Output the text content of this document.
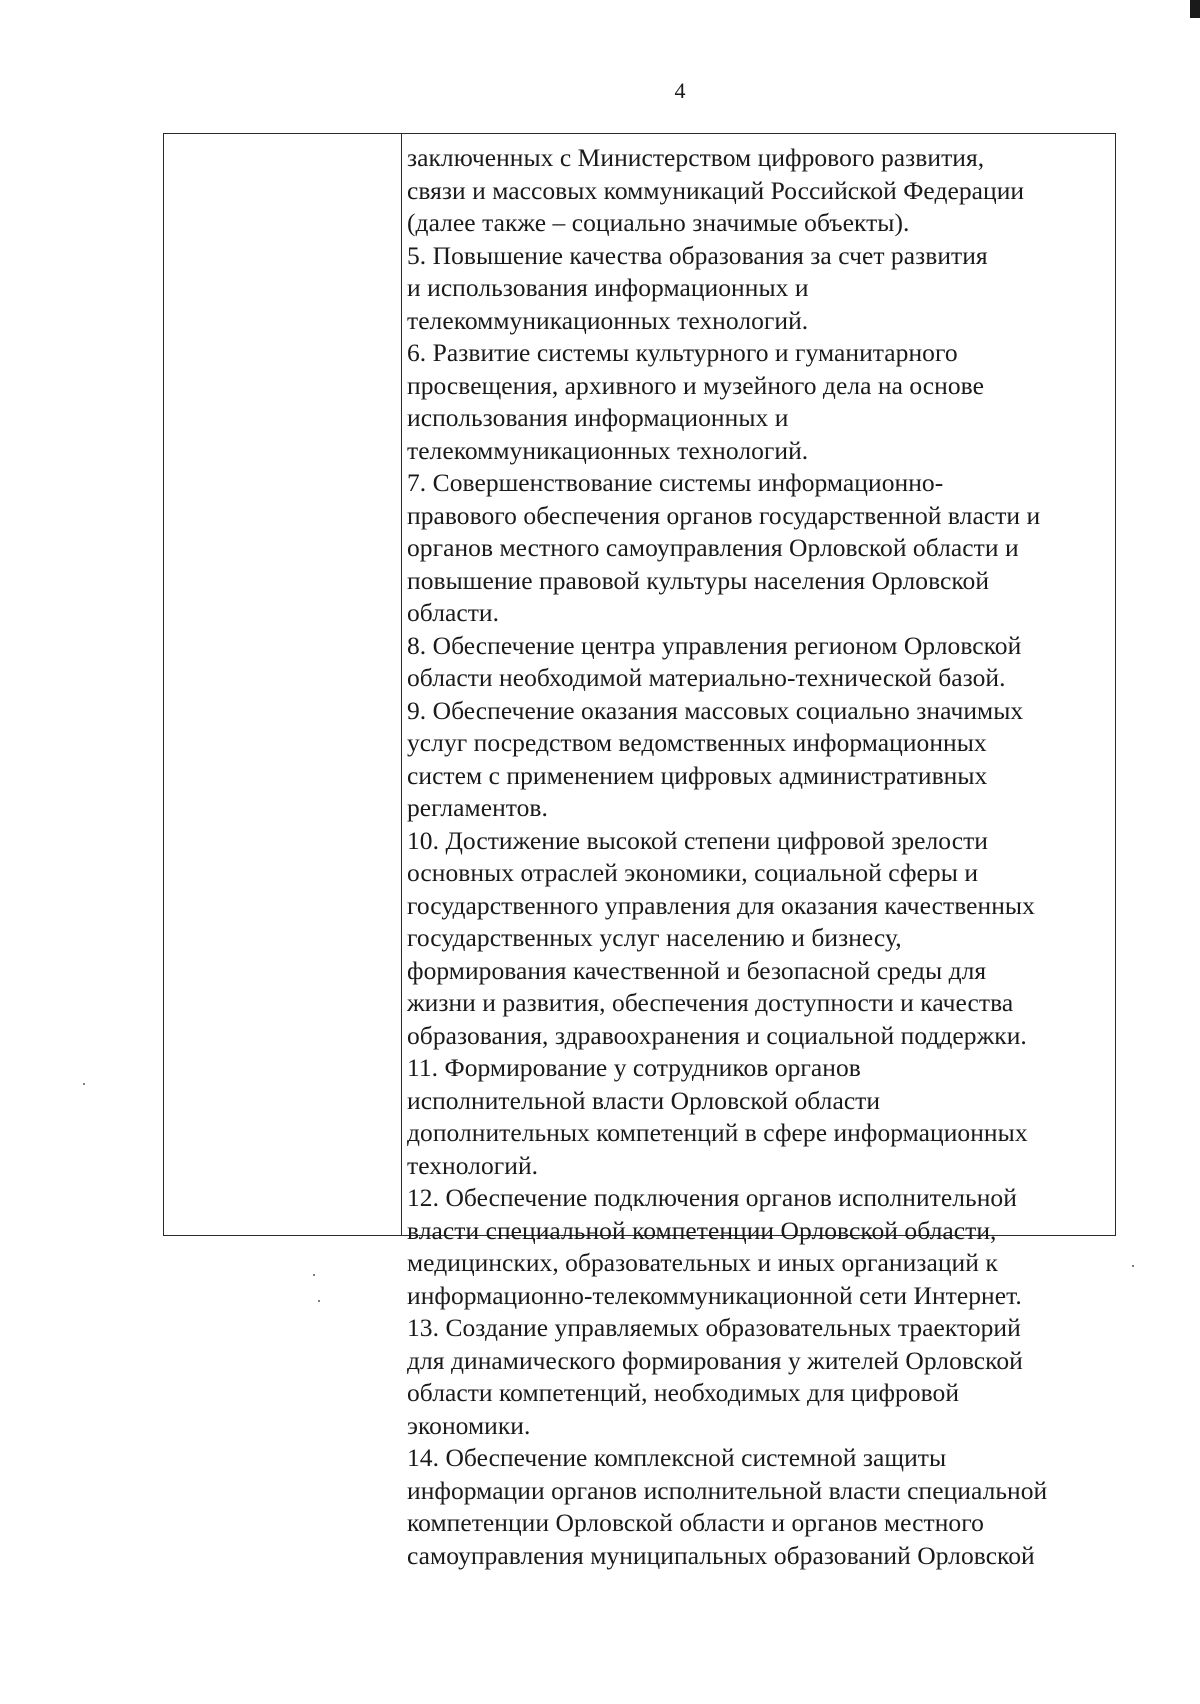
4
заключенных с Министерством цифрового развития,
связи и массовых коммуникаций Российской Федерации
(далее также – социально значимые объекты).
5. Повышение качества образования за счет развития
и использования информационных и
телекоммуникационных технологий.
6. Развитие системы культурного и гуманитарного
просвещения, архивного и музейного дела на основе
использования информационных и
телекоммуникационных технологий.
7. Совершенствование системы информационно-
правового обеспечения органов государственной власти и
органов местного самоуправления Орловской области и
повышение правовой культуры населения Орловской
области.
8. Обеспечение центра управления регионом Орловской
области необходимой материально-технической базой.
9. Обеспечение оказания массовых социально значимых
услуг посредством ведомственных информационных
систем с применением цифровых административных
регламентов.
10. Достижение высокой степени цифровой зрелости
основных отраслей экономики, социальной сферы и
государственного управления для оказания качественных
государственных услуг населению и бизнесу,
формирования качественной и безопасной среды для
жизни и развития, обеспечения доступности и качества
образования, здравоохранения и социальной поддержки.
11. Формирование у сотрудников органов
исполнительной власти Орловской области
дополнительных компетенций в сфере информационных
технологий.
12. Обеспечение подключения органов исполнительной
власти специальной компетенции Орловской области,
медицинских, образовательных и иных организаций к
информационно-телекоммуникационной сети Интернет.
13. Создание управляемых образовательных траекторий
для динамического формирования у жителей Орловской
области компетенций, необходимых для цифровой
экономики.
14. Обеспечение комплексной системной защиты
информации органов исполнительной власти специальной
компетенции Орловской области и органов местного
самоуправления муниципальных образований Орловской
